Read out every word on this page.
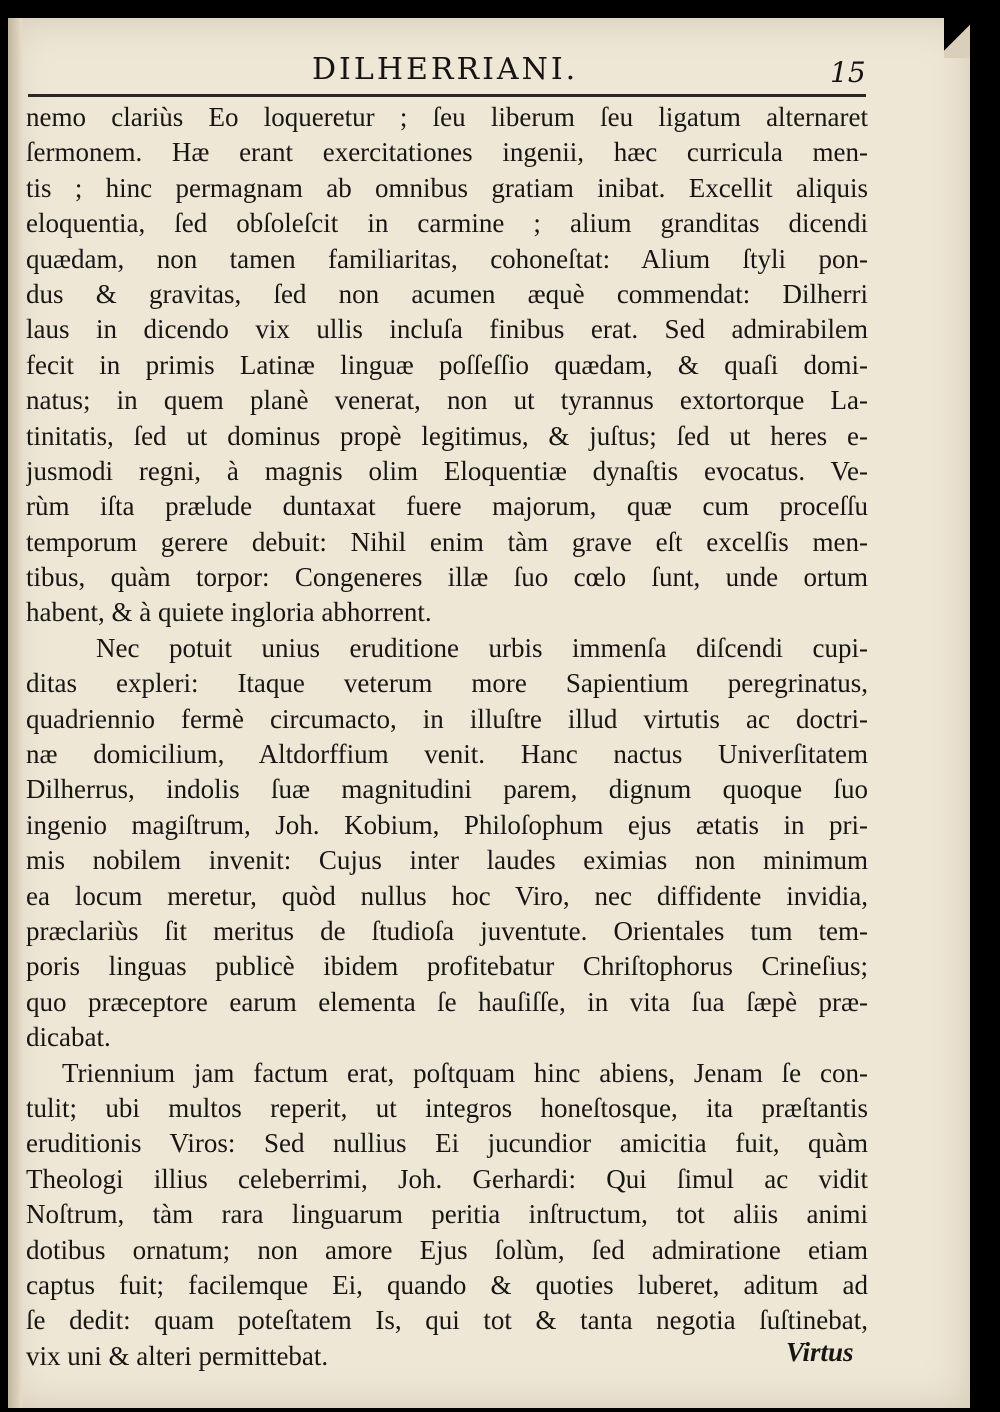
DILHERRIANI.	15
nemo clariùs Eo loqueretur ; ſeu liberum ſeu ligatum alternaret
ſermonem. Hæ erant exercitationes ingenii, hæc curricula men-
tis ; hinc permagnam ab omnibus gratiam inibat. Excellit aliquis
eloquentia, ſed obſoleſcit in carmine ; alium granditas dicendi
quædam, non tamen familiaritas, cohoneſtat: Alium ſtyli pon-
dus & gravitas, ſed non acumen æquè commendat: Dilherri
laus in dicendo vix ullis incluſa finibus erat. Sed admirabilem
fecit in primis Latinæ linguæ poſſeſſio quædam, & quaſi domi-
natus; in quem planè venerat, non ut tyrannus extortorque La-
tinitatis, ſed ut dominus propè legitimus, & juſtus; ſed ut heres e-
jusmodi regni, à magnis olim Eloquentiæ dynaſtis evocatus. Ve-
rùm iſta prælude duntaxat fuere majorum, quæ cum proceſſu
temporum gerere debuit: Nihil enim tàm grave eſt excelſis men-
tibus, quàm torpor: Congeneres illæ ſuo cœlo ſunt, unde ortum
habent, & à quiete ingloria abhorrent.
Nec potuit unius eruditione urbis immenſa diſcendi cupi-
ditas expleri: Itaque veterum more Sapientium peregrinatus,
quadriennio fermè circumacto, in illuſtre illud virtutis ac doctri-
næ domicilium, Altdorffium venit. Hanc nactus Univerſitatem
Dilherrus, indolis ſuæ magnitudini parem, dignum quoque ſuo
ingenio magiſtrum, Joh. Kobium, Philoſophum ejus ætatis in pri-
mis nobilem invenit: Cujus inter laudes eximias non minimum
ea locum meretur, quòd nullus hoc Viro, nec diffidente invidia,
præclariùs ſit meritus de ſtudioſa juventute. Orientales tum tem-
poris linguas publicè ibidem profitebatur Chriſtophorus Crineſius;
quo præceptore earum elementa ſe hauſiſſe, in vita ſua ſæpè præ-
dicabat.
Triennium jam factum erat, poſtquam hinc abiens, Jenam ſe con-
tulit; ubi multos reperit, ut integros honeſtosque, ita præſtantis
eruditionis Viros: Sed nullius Ei jucundior amicitia fuit, quàm
Theologi illius celeberrimi, Joh. Gerhardi: Qui ſimul ac vidit
Noſtrum, tàm rara linguarum peritia inſtructum, tot aliis animi
dotibus ornatum; non amore Ejus ſolùm, ſed admiratione etiam
captus fuit; facilemque Ei, quando & quoties luberet, aditum ad
ſe dedit: quam poteſtatem Is, qui tot & tanta negotia ſuſtinebat,
vix uni & alteri permittebat.	Virtus
